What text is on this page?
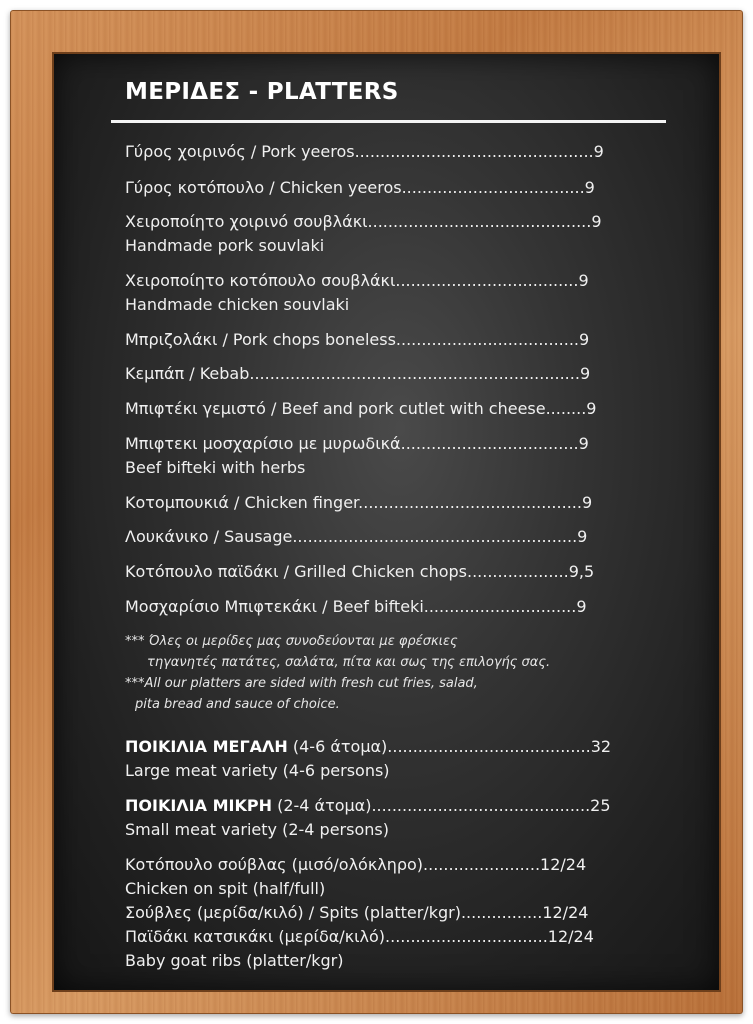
ΜΕΡΙΔΕΣ - PLATTERS
Γύρος χοιρινός / Pork yeeros...............................................9
Γύρος κοτόπουλο / Chicken yeeros....................................9
Χειροποίητο χοιρινό σουβλάκι............................................9
Handmade pork souvlaki
Χειροποίητο κοτόπουλο σουβλάκι....................................9
Handmade chicken souvlaki
Μπριζολάκι / Pork chops boneless....................................9
Κεμπάπ / Kebab.................................................................9
Μπιφτέκι γεμιστό / Beef and pork cutlet with cheese........9
Μπιφτεκι μοσχαρίσιο με μυρωδικά...................................9
Beef bifteki with herbs
Κοτομπουκιά / Chicken finger............................................9
Λουκάνικο / Sausage........................................................9
Κοτόπουλο παϊδάκι / Grilled Chicken chops....................9,5
Μοσχαρίσιο Μπιφτεκάκι / Beef bifteki..............................9
*** Όλες οι μερίδες μας συνοδεύονται με φρέσκιες
τηγανητές πατάτες, σαλάτα, πίτα και σως της επιλογής σας.
***All our platters are sided with fresh cut fries, salad,
pita bread and sauce of choice.
ΠΟΙΚΙΛΙΑ ΜΕΓΑΛΗ (4-6 άτομα)........................................32
Large meat variety (4-6 persons)
ΠΟΙΚΙΛΙΑ ΜΙΚΡΗ (2-4 άτομα)...........................................25
Small meat variety (2-4 persons)
Κοτόπουλο σούβλας (μισό/ολόκληρο).......................12/24
Chicken on spit (half/full)
Σούβλες (μερίδα/κιλό) / Spits (platter/kgr)................12/24
Παϊδάκι κατσικάκι (μερίδα/κιλό)................................12/24
Baby goat ribs (platter/kgr)
